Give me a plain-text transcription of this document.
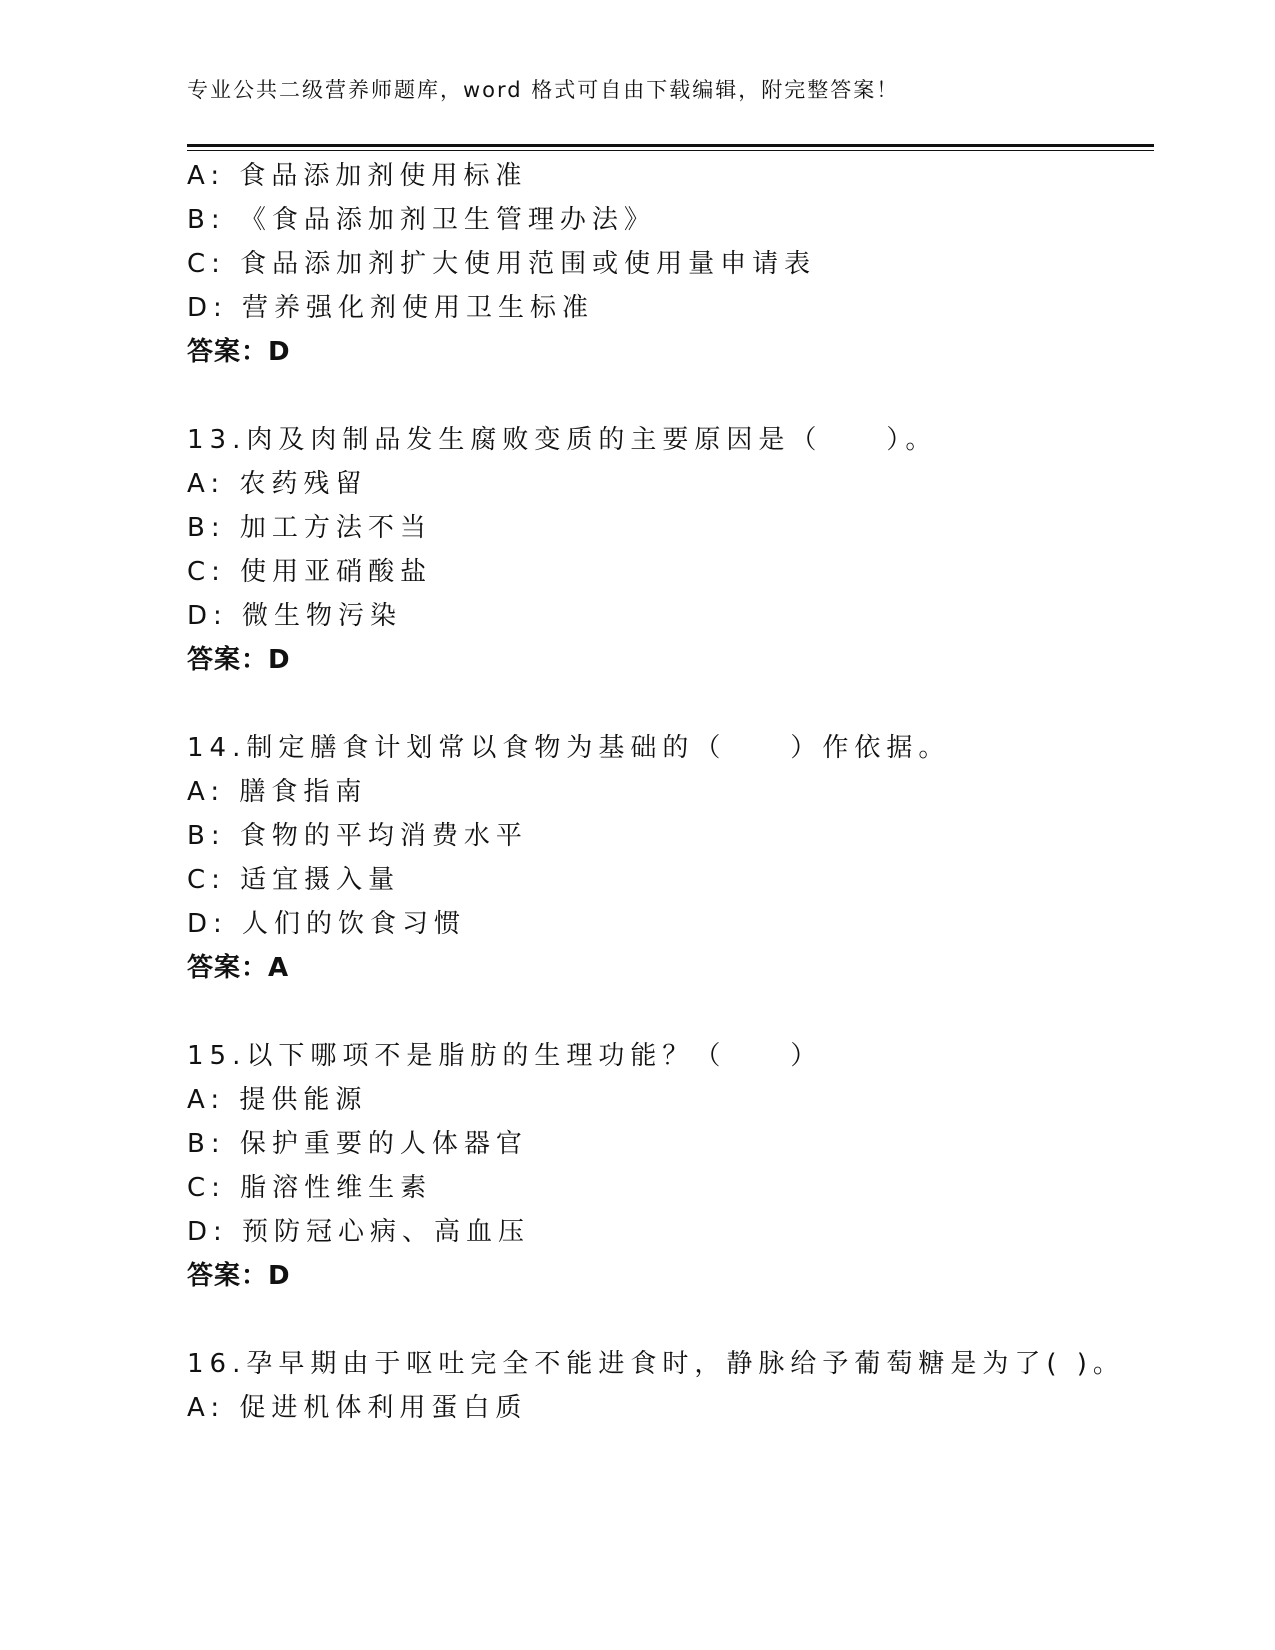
专业公共二级营养师题库，word 格式可自由下载编辑，附完整答案！
A: 食品添加剂使用标准
B: 《食品添加剂卫生管理办法》
C: 食品添加剂扩大使用范围或使用量申请表
D: 营养强化剂使用卫生标准
答案：D
13.肉及肉制品发生腐败变质的主要原因是（　　）。
A: 农药残留
B: 加工方法不当
C: 使用亚硝酸盐
D: 微生物污染
答案：D
14.制定膳食计划常以食物为基础的（　　）作依据。
A: 膳食指南
B: 食物的平均消费水平
C: 适宜摄入量
D: 人们的饮食习惯
答案：A
15.以下哪项不是脂肪的生理功能？（　　）
A: 提供能源
B: 保护重要的人体器官
C: 脂溶性维生素
D: 预防冠心病、高血压
答案：D
16.孕早期由于呕吐完全不能进食时，静脉给予葡萄糖是为了( )。
A: 促进机体利用蛋白质
